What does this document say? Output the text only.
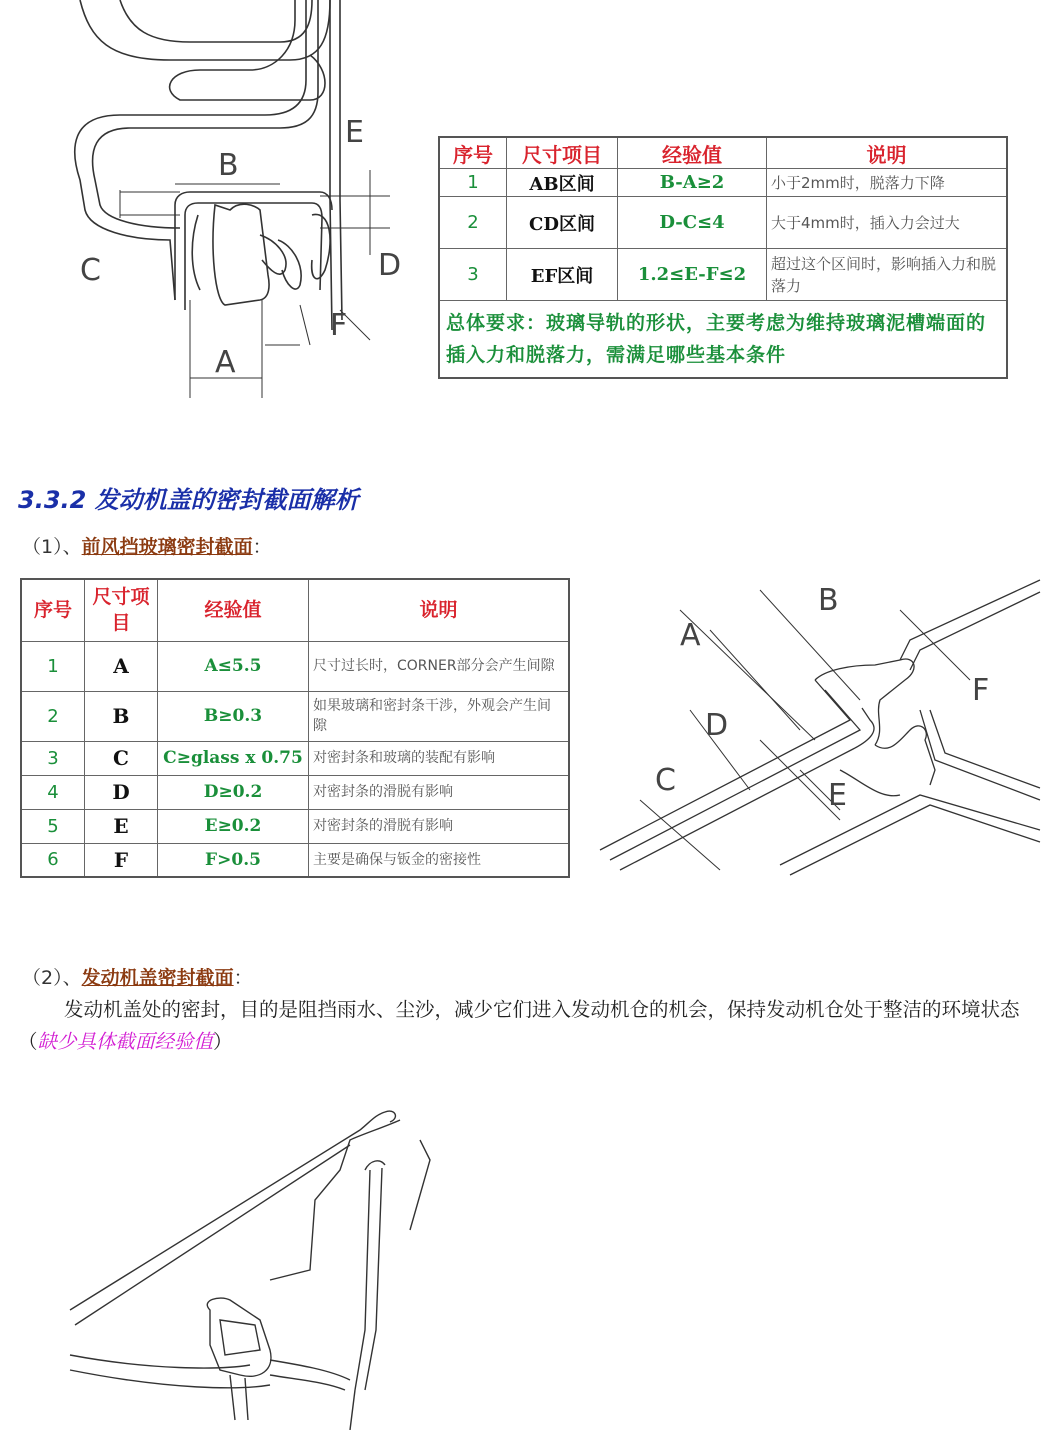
B
A
C	D
E
F
序号	尺寸项目	经验值	说明
1	AB区间	B-A≥2	小于2mm时，脱落力下降
2	CD区间	D-C≤4	大于4mm时，插入力会过大
3	EF区间	1.2≤E-F≤2	超过这个区间时，影响插入力和脱落力
总体要求：玻璃导轨的形状，主要考虑为维持玻璃泥槽端面的插入力和脱落力，需满足哪些基本条件			
3.3.2 发动机盖的密封截面解析
（1）、前风挡玻璃密封截面：
序号	尺寸项目	经验值	说明
1	A	A≤5.5	尺寸过长时，CORNER部分会产生间隙
2	B	B≥0.3	如果玻璃和密封条干涉，外观会产生间隙
3	C	C≥glass x 0.75	对密封条和玻璃的装配有影响
4	D	D≥0.2	对密封条的滑脱有影响
5	E	E≥0.2	对密封条的滑脱有影响
6	F	F>0.5	主要是确保与钣金的密接性
A
B
C
D
E
F
（2）、发动机盖密封截面：
发动机盖处的密封，目的是阻挡雨水、尘沙，减少它们进入发动机仓的机会，保持发动机仓处于整洁的环境状态（缺少具体截面经验值）
